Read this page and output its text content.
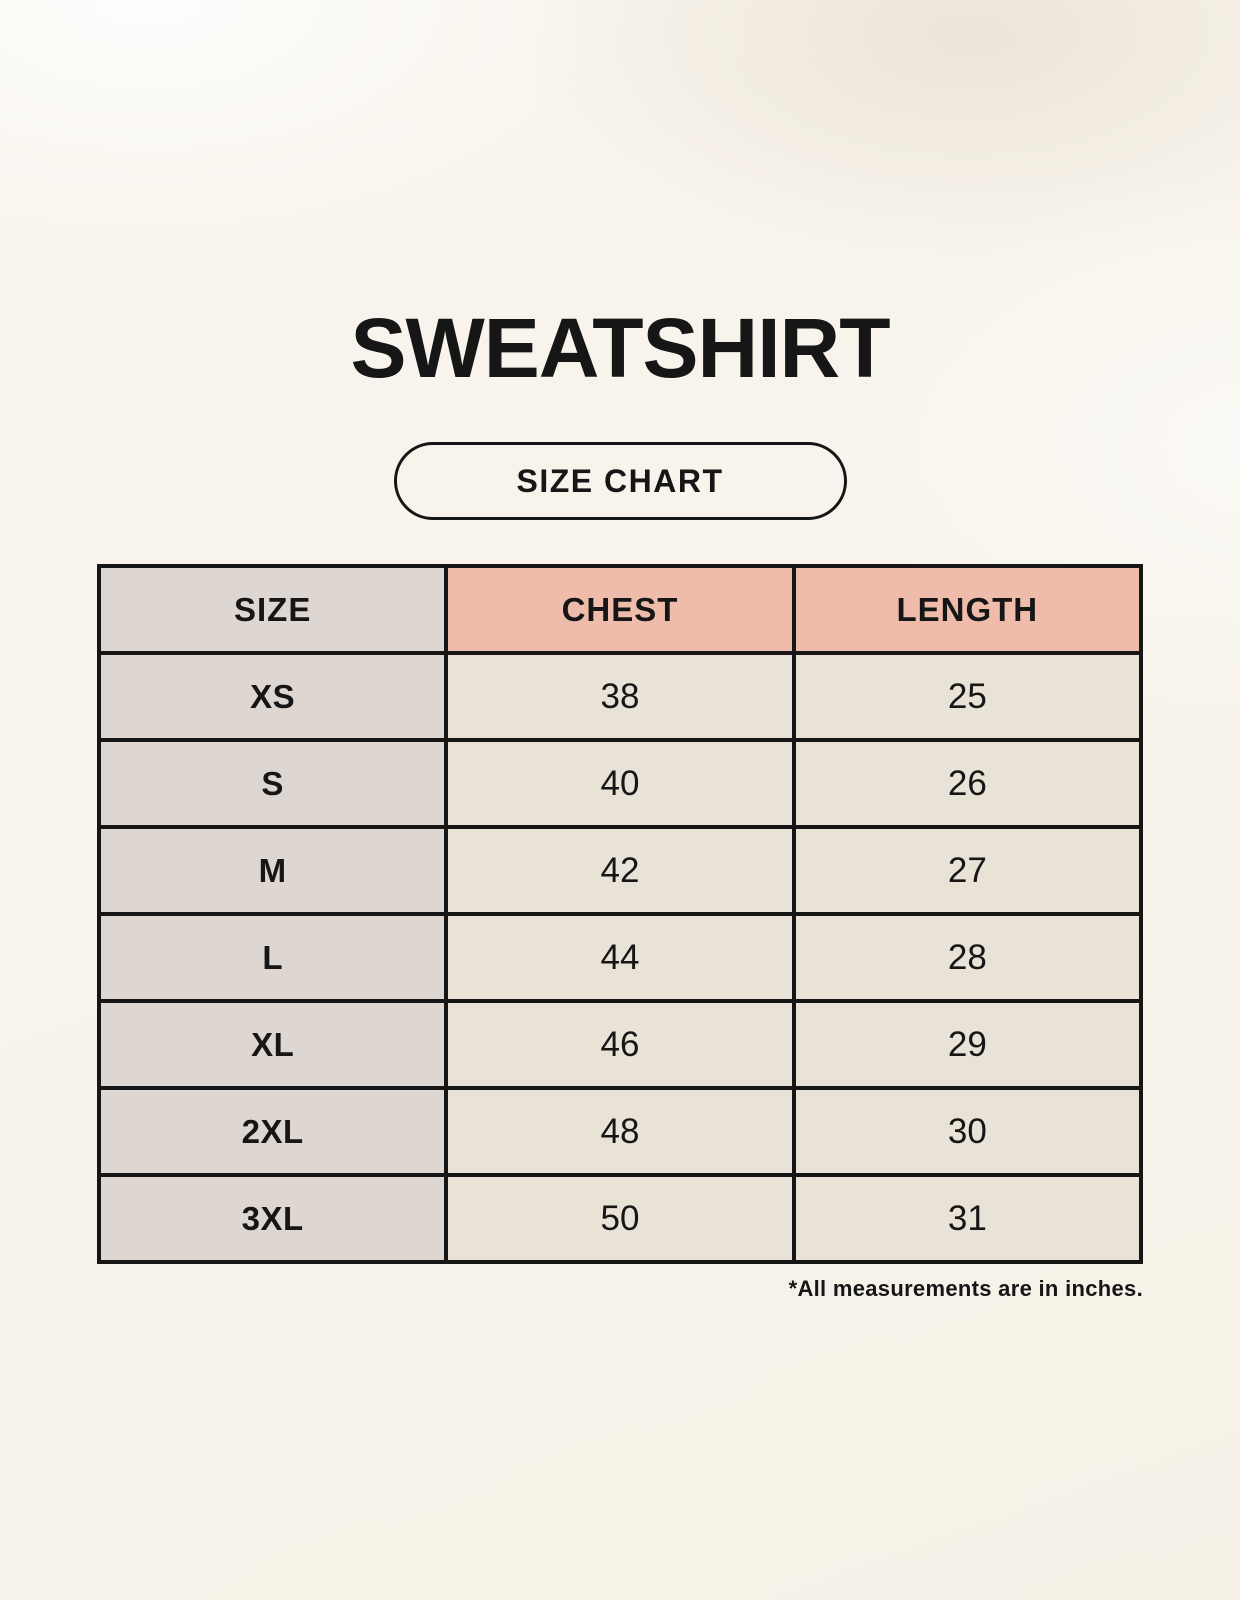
SWEATSHIRT
SIZE CHART
SIZE	CHEST	LENGTH
XS	38	25
S	40	26
M	42	27
L	44	28
XL	46	29
2XL	48	30
3XL	50	31
*All measurements are in inches.
